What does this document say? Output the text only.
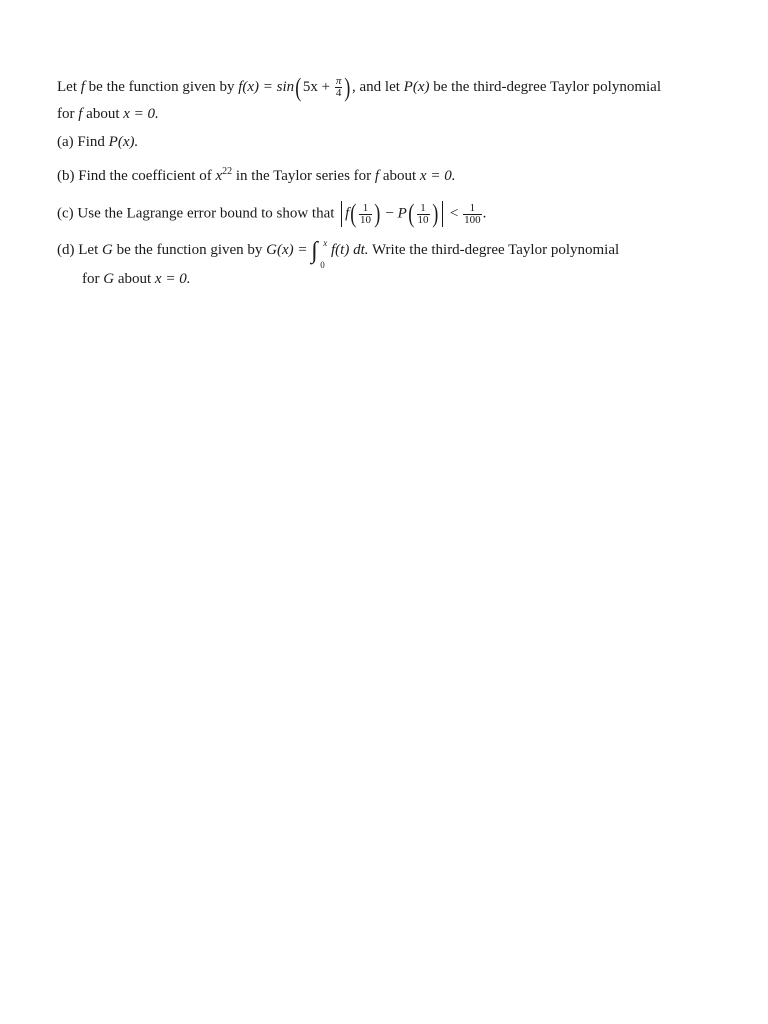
Let f be the function given by $f(x) = \sin(5x + \frac{\pi}{4}$ ), and let P(x) be the third-degree Taylor polynomial
for f about x = 0.
(a) Find P(x).
(b) Find the coefficient of $x^{22}$ in the Taylor series for f about x = 0.
(c) Use the Lagrange error bound to show that $f( \frac{1}{10}$ ) − $P( \frac{1}{10}$ ) < $\frac{1}{100}$ .
(d) Let G be the function given by G(x) = ∫ x
0
f(t) dt. Write the third-degree Taylor polynomial
for G about x = 0.
